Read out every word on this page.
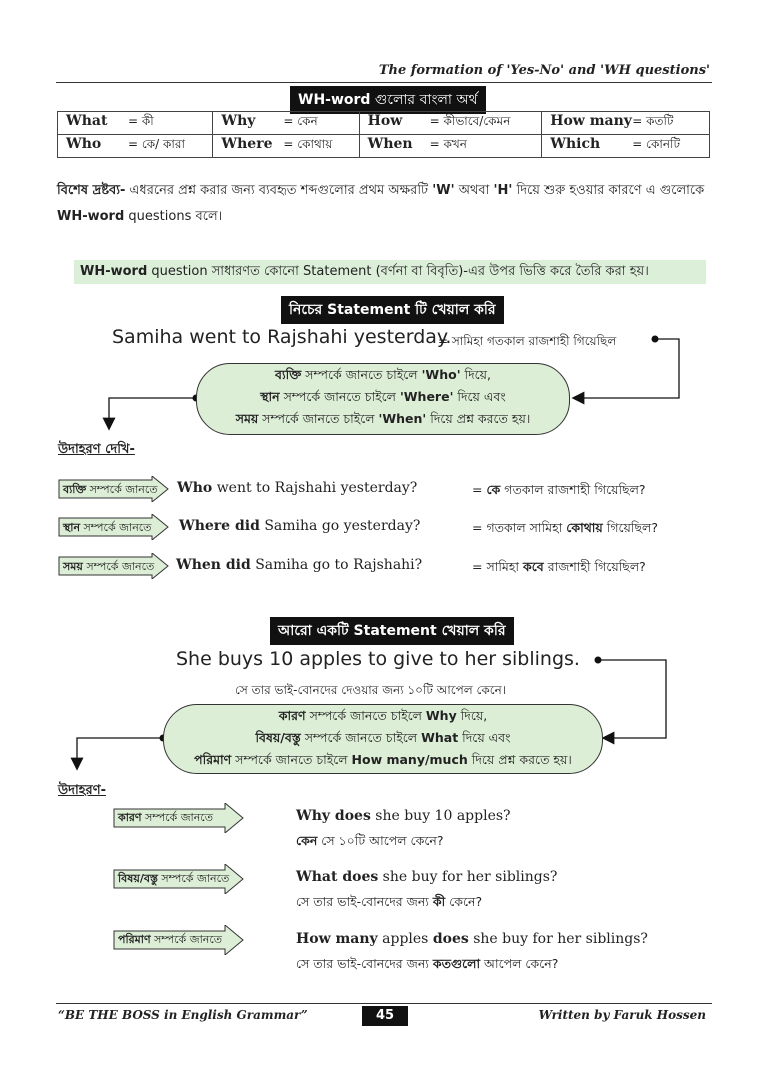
The formation of 'Yes-No' and 'WH questions'
WH-word গুলোর বাংলা অর্থ
What = কী	Why = কেন	How = কীভাবে/কেমন	How many= কতটি
Who = কে/ কারা	Where = কোথায়	When = কখন	Which = কোনটি
বিশেষ দ্রষ্টব্য- এধরনের প্রশ্ন করার জন্য ব্যবহৃত শব্দগুলোর প্রথম অক্ষরটি 'W' অথবা 'H' দিয়ে শুরু হওয়ার কারণে এ গুলোকে WH-word questions বলে।
WH-word question সাধারণত কোনো Statement (বর্ণনা বা বিবৃতি)-এর উপর ভিত্তি করে তৈরি করা হয়।
নিচের Statement টি খেয়াল করি
Samiha went to Rajshahi yesterday.
= সামিহা গতকাল রাজশাহী গিয়েছিল
ব্যক্তি সম্পর্কে জানতে চাইলে 'Who' দিয়ে,
স্থান সম্পর্কে জানতে চাইলে 'Where' দিয়ে এবং
সময় সম্পর্কে জানতে চাইলে 'When' দিয়ে প্রশ্ন করতে হয়।
উদাহরণ দেখি-
ব্যক্তি সম্পর্কে জানতে Who went to Rajshahi yesterday?	= কে গতকাল রাজশাহী গিয়েছিল?
স্থান সম্পর্কে জানতে Where did Samiha go yesterday?	= গতকাল সামিহা কোথায় গিয়েছিল?
সময় সম্পর্কে জানতে When did Samiha go to Rajshahi?	= সামিহা কবে রাজশাহী গিয়েছিল?
আরো একটি Statement খেয়াল করি
She buys 10 apples to give to her siblings.
সে তার ভাই-বোনদের দেওয়ার জন্য ১০টি আপেল কেনে।
কারণ সম্পর্কে জানতে চাইলে Why দিয়ে,
বিষয়/বস্তু সম্পর্কে জানতে চাইলে What দিয়ে এবং
পরিমাণ সম্পর্কে জানতে চাইলে How many/much দিয়ে প্রশ্ন করতে হয়।
উদাহরণ-
কারণ সম্পর্কে জানতে	Why does she buy 10 apples?
কেন সে ১০টি আপেল কেনে?
বিষয়/বস্তু সম্পর্কে জানতে	What does she buy for her siblings?
সে তার ভাই-বোনদের জন্য কী কেনে?
পরিমাণ সম্পর্কে জানতে	How many apples does she buy for her siblings?
সে তার ভাই-বোনদের জন্য কতগুলো আপেল কেনে?
“BE THE BOSS in English Grammar”	45	Written by Faruk Hossen
